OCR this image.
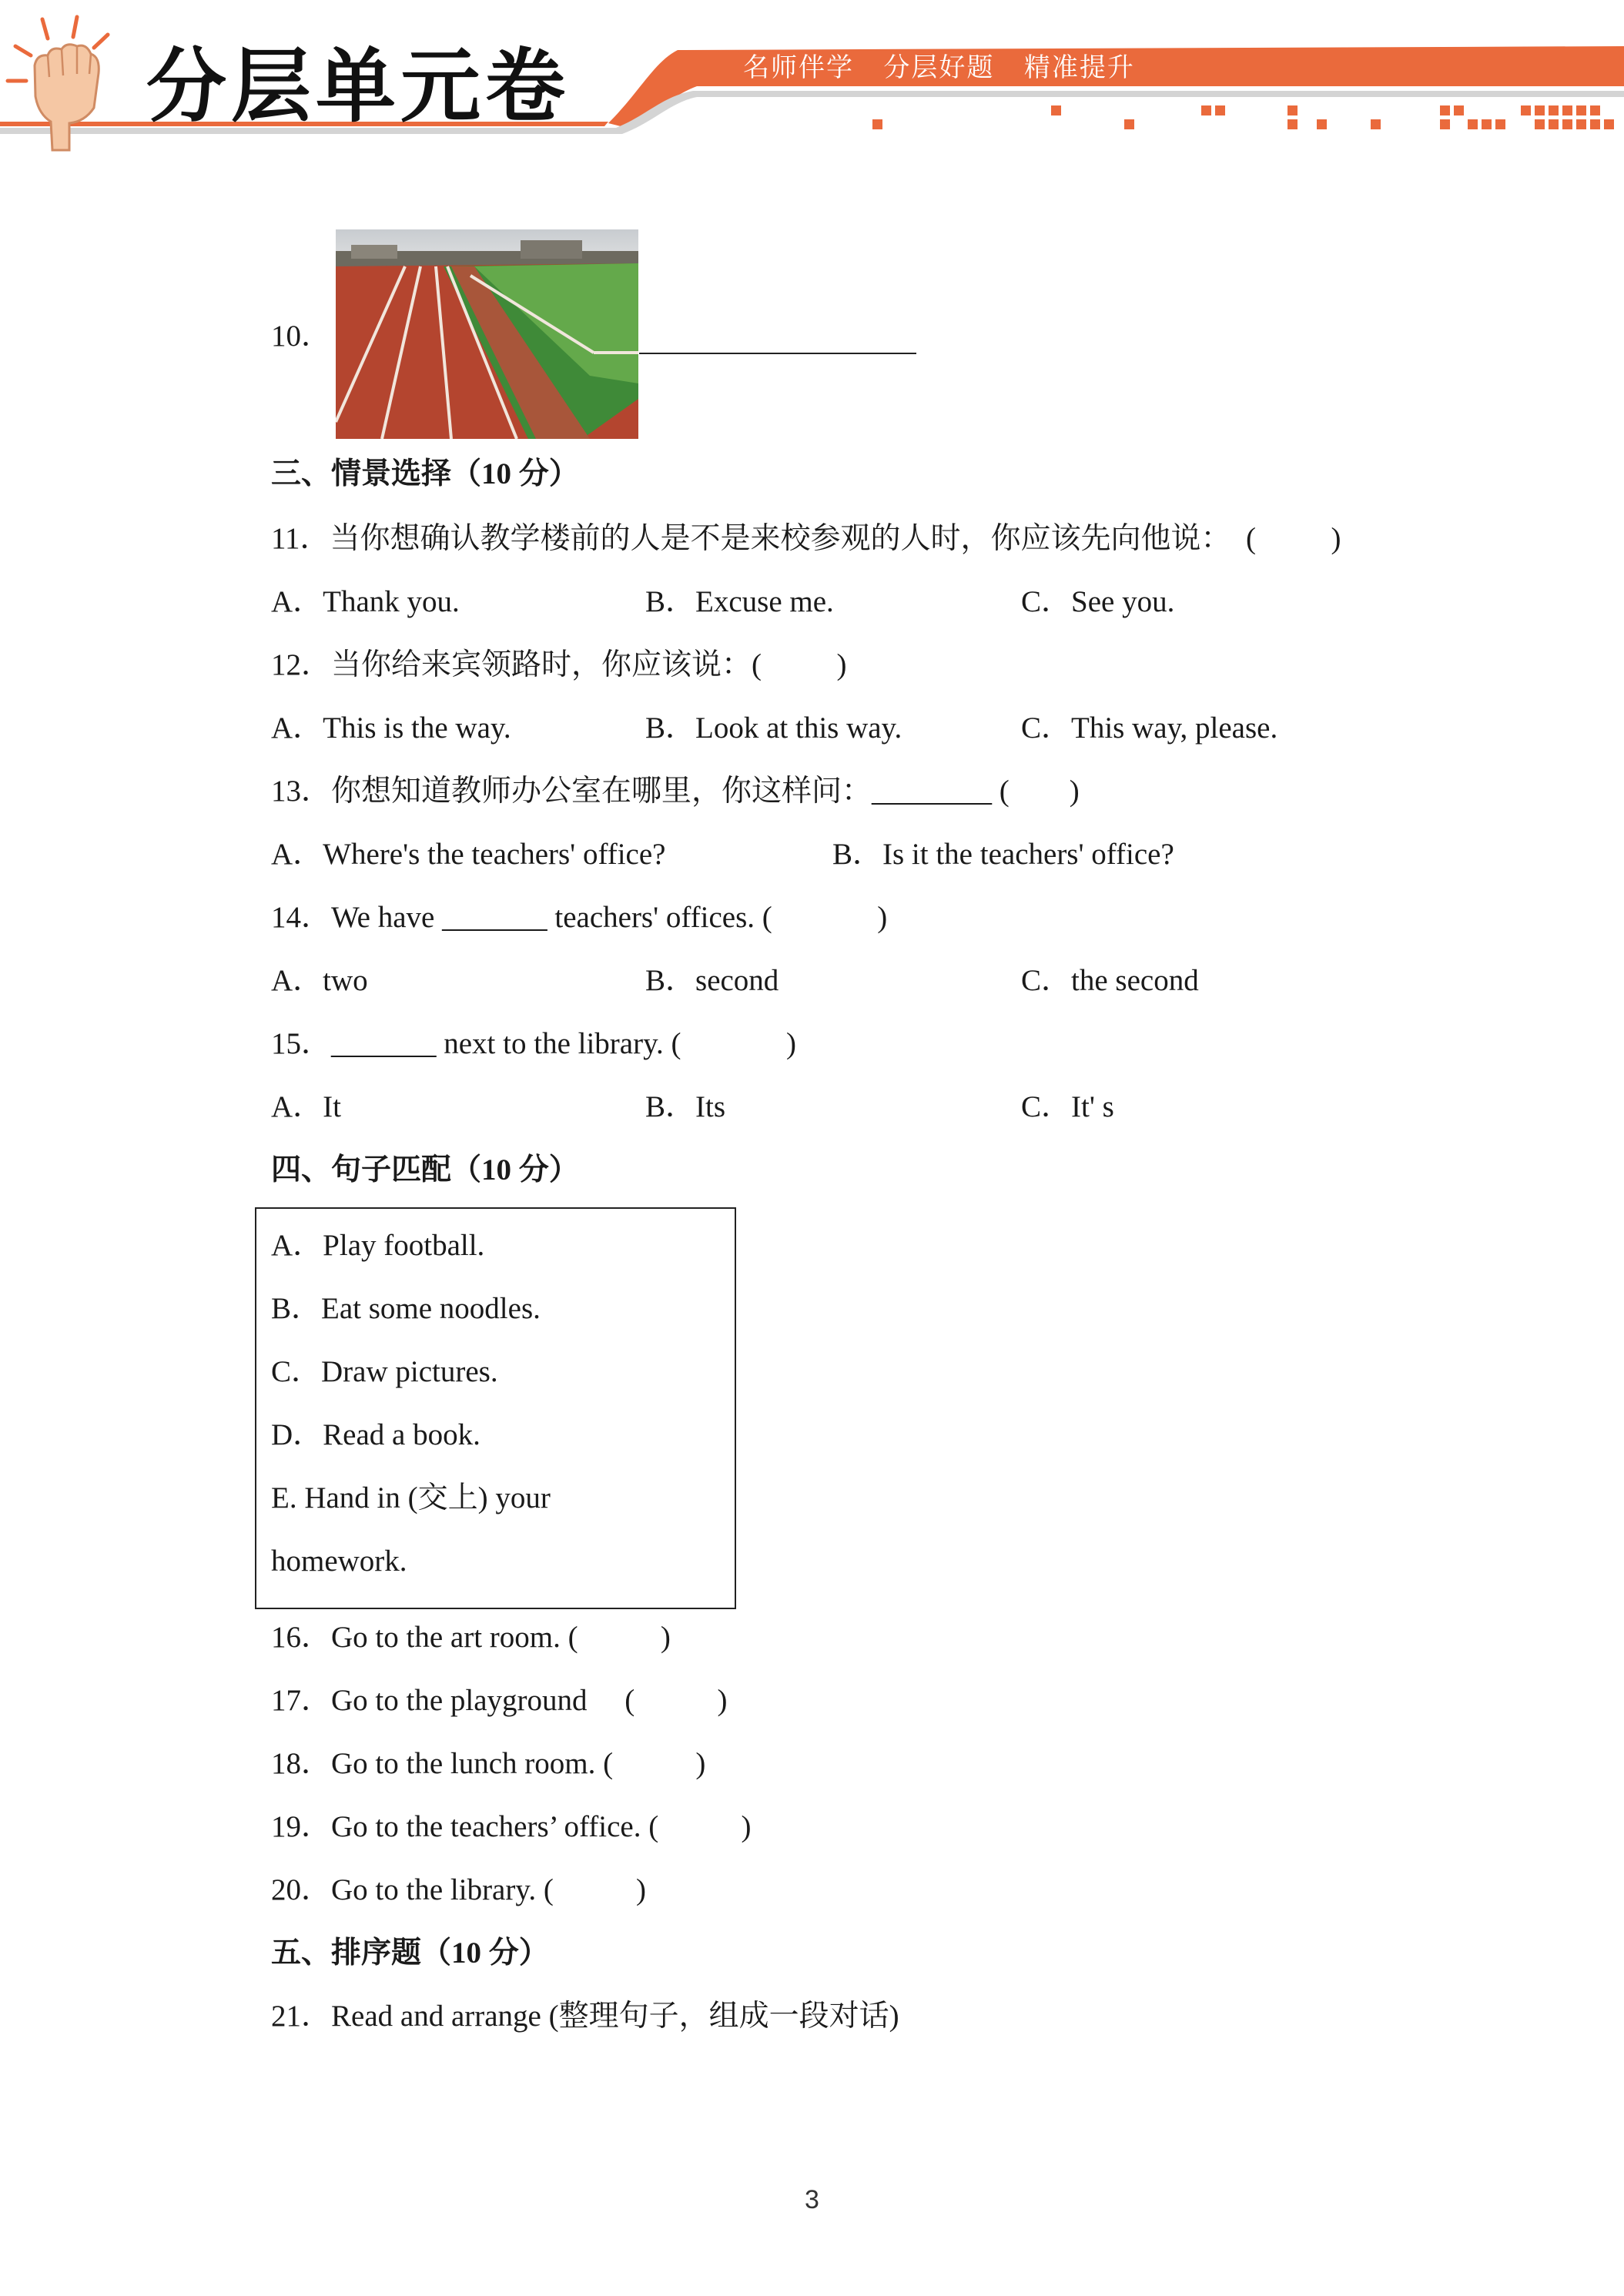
分层单元卷	名师伴学   分层好题   精准提升
10．
三、情景选择（10 分）
11．当你想确认教学楼前的人是不是来校参观的人时，你应该先向他说：  (          )
A．Thank you.	B．Excuse me.	C．See you.
12．当你给来宾领路时，你应该说：(          )
A．This is the way.	B．Look at this way.	C．This way, please.
13．你想知道教师办公室在哪里，你这样问：________ (        )
A．Where's the teachers' office?	B．Is it the teachers' office?
14．We have _______ teachers' offices. (              )
A．two	B．second	C．the second
15．_______ next to the library. (              )
A．It	B．Its	C．It' s
四、句子匹配（10 分）
A．Play football.
B．Eat some noodles.
C．Draw pictures.
D．Read a book.
E. Hand in (交上) your
homework.
16．Go to the art room. (           )
17．Go to the playground     (           )
18．Go to the lunch room. (           )
19．Go to the teachers’ office. (           )
20．Go to the library. (           )
五、排序题（10 分）
21．Read and arrange (整理句子，组成一段对话)
3
